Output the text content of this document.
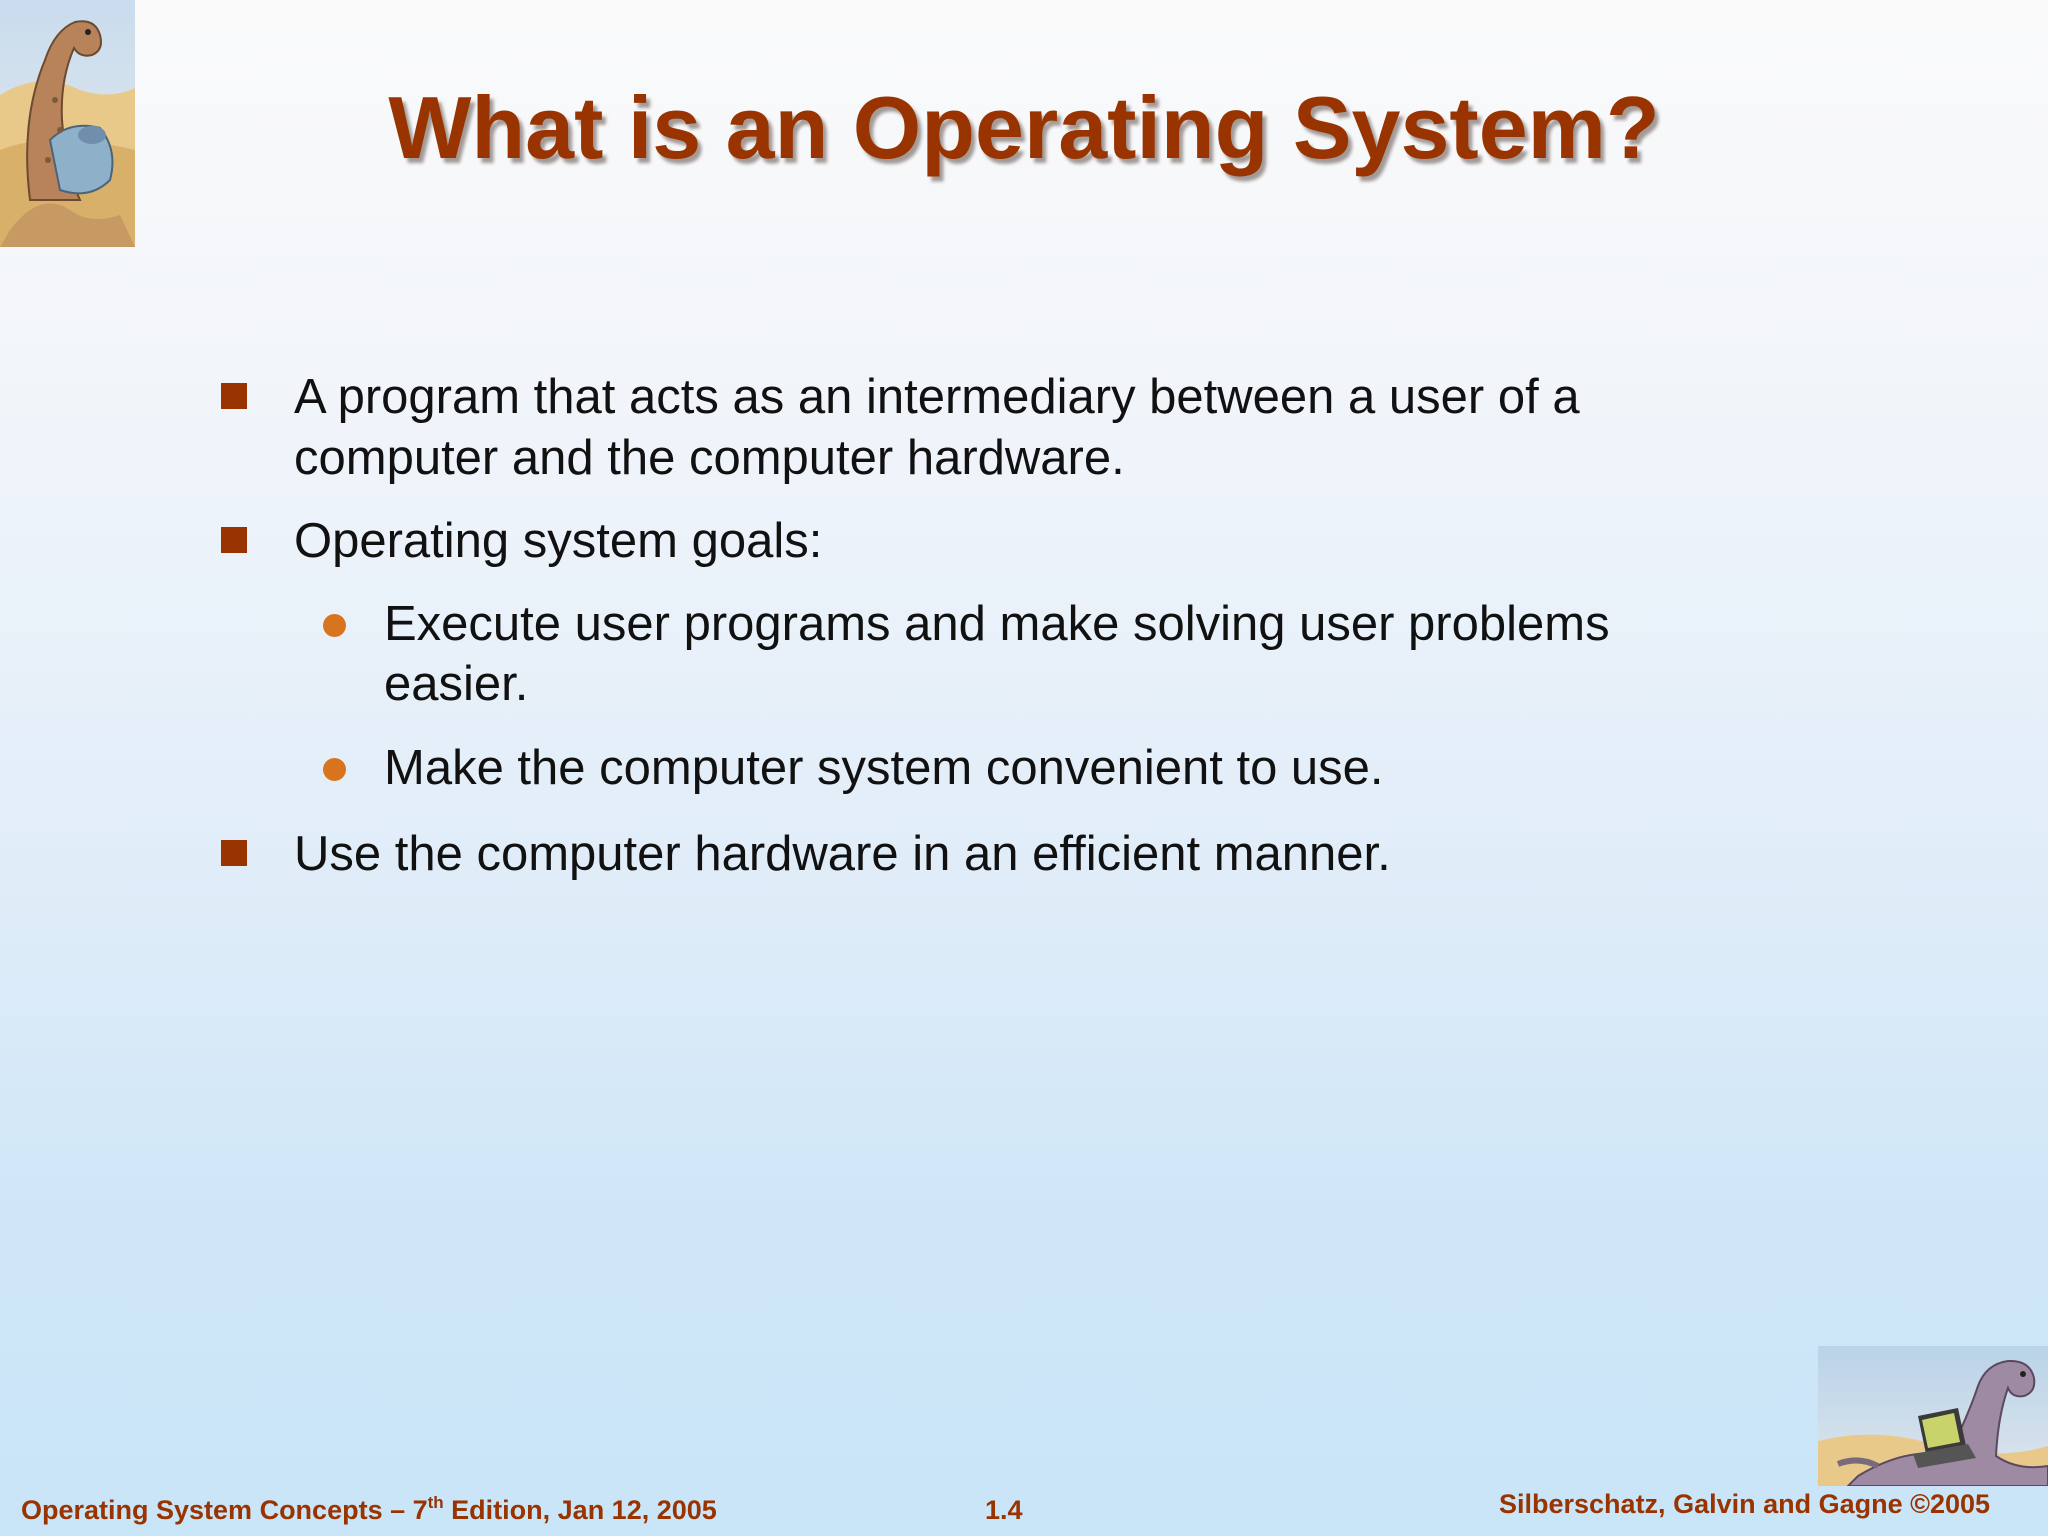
What is an Operating System?
A program that acts as an intermediary between a user of a
computer and the computer hardware.
Operating system goals:
Execute user programs and make solving user problems
easier.
Make the computer system convenient to use.
Use the computer hardware in an efficient manner.
Operating System Concepts – 7th Edition, Jan 12, 2005	1.4	Silberschatz, Galvin and Gagne ©2005
